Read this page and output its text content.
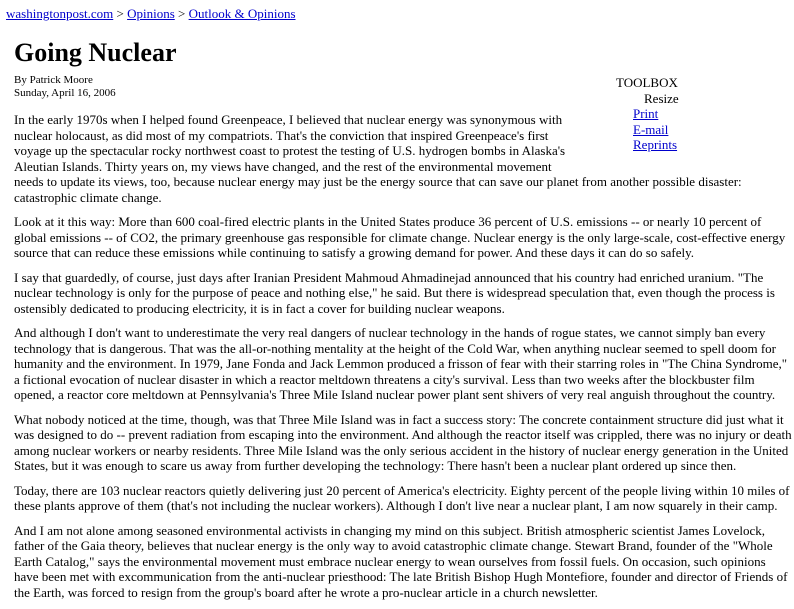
washingtonpost.com > Opinions > Outlook & Opinions
Going Nuclear
By Patrick Moore
Sunday, April 16, 2006
TOOLBOX
Resize
Print
E-mail
Reprints

In the early 1970s when I helped found Greenpeace, I believed that nuclear energy was synonymous with nuclear holocaust, as did most of my compatriots. That's the conviction that inspired Greenpeace's first voyage up the spectacular rocky northwest coast to protest the testing of U.S. hydrogen bombs in Alaska's Aleutian Islands. Thirty years on, my views have changed, and the rest of the environmental movement needs to update its views, too, because nuclear energy may just be the energy source that can save our planet from another possible disaster: catastrophic climate change.

Look at it this way: More than 600 coal-fired electric plants in the United States produce 36 percent of U.S. emissions -- or nearly 10 percent of global emissions -- of CO2, the primary greenhouse gas responsible for climate change. Nuclear energy is the only large-scale, cost-effective energy source that can reduce these emissions while continuing to satisfy a growing demand for power. And these days it can do so safely.

I say that guardedly, of course, just days after Iranian President Mahmoud Ahmadinejad announced that his country had enriched uranium. "The nuclear technology is only for the purpose of peace and nothing else," he said. But there is widespread speculation that, even though the process is ostensibly dedicated to producing electricity, it is in fact a cover for building nuclear weapons.

And although I don't want to underestimate the very real dangers of nuclear technology in the hands of rogue states, we cannot simply ban every technology that is dangerous. That was the all-or-nothing mentality at the height of the Cold War, when anything nuclear seemed to spell doom for humanity and the environment. In 1979, Jane Fonda and Jack Lemmon produced a frisson of fear with their starring roles in "The China Syndrome," a fictional evocation of nuclear disaster in which a reactor meltdown threatens a city's survival. Less than two weeks after the blockbuster film opened, a reactor core meltdown at Pennsylvania's Three Mile Island nuclear power plant sent shivers of very real anguish throughout the country.

What nobody noticed at the time, though, was that Three Mile Island was in fact a success story: The concrete containment structure did just what it was designed to do -- prevent radiation from escaping into the environment. And although the reactor itself was crippled, there was no injury or death among nuclear workers or nearby residents. Three Mile Island was the only serious accident in the history of nuclear energy generation in the United States, but it was enough to scare us away from further developing the technology: There hasn't been a nuclear plant ordered up since then.

Today, there are 103 nuclear reactors quietly delivering just 20 percent of America's electricity. Eighty percent of the people living within 10 miles of these plants approve of them (that's not including the nuclear workers). Although I don't live near a nuclear plant, I am now squarely in their camp.

And I am not alone among seasoned environmental activists in changing my mind on this subject. British atmospheric scientist James Lovelock, father of the Gaia theory, believes that nuclear energy is the only way to avoid catastrophic climate change. Stewart Brand, founder of the "Whole Earth Catalog," says the environmental movement must embrace nuclear energy to wean ourselves from fossil fuels. On occasion, such opinions have been met with excommunication from the anti-nuclear priesthood: The late British Bishop Hugh Montefiore, founder and director of Friends of the Earth, was forced to resign from the group's board after he wrote a pro-nuclear article in a church newsletter.
